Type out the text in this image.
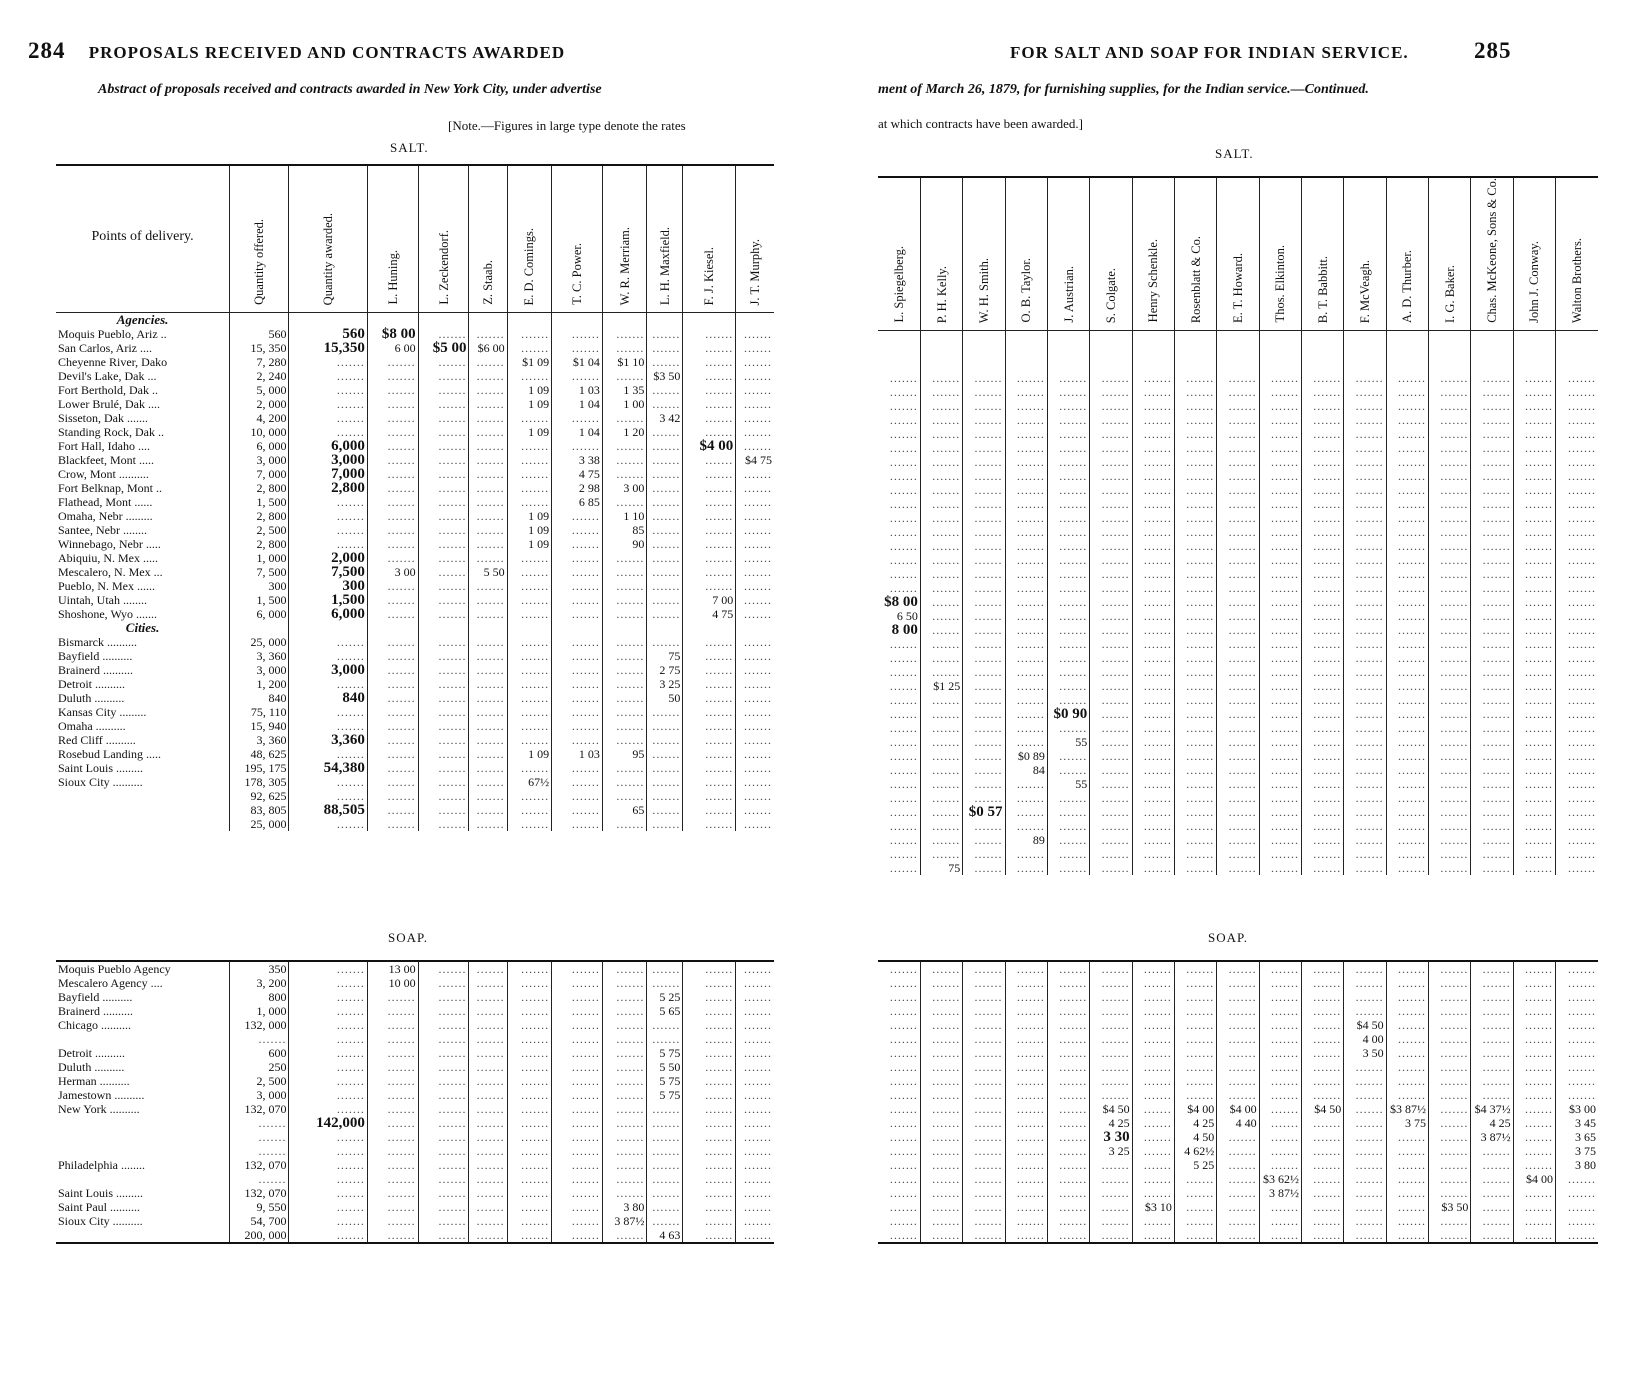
284 PROPOSALS RECEIVED AND CONTRACTS AWARDED
Abstract of proposals received and contracts awarded in New York City, under advertise
[Note.—Figures in large type denote the rates
SALT.
Points of delivery.	Quantity offered.	Quantity awarded.	L. Huning.	L. Zeckendorf.	Z. Staab.	E. D. Comings.	T. C. Power.	W. R. Merriam.	L. H. Maxfield.	F. J. Kiesel.	J. T. Murphy.
Agencies.											
Moquis Pueblo, Ariz ..	560	560	$8 00	.......	.......	.......	.......	.......	.......	.......	.......
San Carlos, Ariz ....	15, 350	15,350	6 00	$5 00	$6 00	.......	.......	.......	.......	.......	.......
Cheyenne River, Dako	7, 280	.......	.......	.......	.......	$1 09	$1 04	$1 10	.......	.......	.......
Devil's Lake, Dak ...	2, 240	.......	.......	.......	.......	.......	.......	.......	$3 50	.......	.......
Fort Berthold, Dak ..	5, 000	.......	.......	.......	.......	1 09	1 03	1 35	.......	.......	.......
Lower Brulé, Dak ....	2, 000	.......	.......	.......	.......	1 09	1 04	1 00	.......	.......	.......
Sisseton, Dak .......	4, 200	.......	.......	.......	.......	.......	.......	.......	3 42	.......	.......
Standing Rock, Dak ..	10, 000	.......	.......	.......	.......	1 09	1 04	1 20	.......	.......	.......
Fort Hall, Idaho ....	6, 000	6,000	.......	.......	.......	.......	.......	.......	.......	$4 00	.......
Blackfeet, Mont .....	3, 000	3,000	.......	.......	.......	.......	3 38	.......	.......	.......	$4 75
Crow, Mont ..........	7, 000	7,000	.......	.......	.......	.......	4 75	.......	.......	.......	.......
Fort Belknap, Mont ..	2, 800	2,800	.......	.......	.......	.......	2 98	3 00	.......	.......	.......
Flathead, Mont ......	1, 500	.......	.......	.......	.......	.......	6 85	.......	.......	.......	.......
Omaha, Nebr .........	2, 800	.......	.......	.......	.......	1 09	.......	1 10	.......	.......	.......
Santee, Nebr ........	2, 500	.......	.......	.......	.......	1 09	.......	85	.......	.......	.......
Winnebago, Nebr .....	2, 800	.......	.......	.......	.......	1 09	.......	90	.......	.......	.......
Abiquiu, N. Mex .....	1, 000	2,000	.......	.......	.......	.......	.......	.......	.......	.......	.......
Mescalero, N. Mex ...	7, 500	7,500	3 00	.......	5 50	.......	.......	.......	.......	.......	.......
Pueblo, N. Mex ......	300	300	.......	.......	.......	.......	.......	.......	.......	.......	.......
Uintah, Utah ........	1, 500	1,500	.......	.......	.......	.......	.......	.......	.......	7 00	.......
Shoshone, Wyo .......	6, 000	6,000	.......	.......	.......	.......	.......	.......	.......	4 75	.......
Cities.											
Bismarck ..........	25, 000	.......	.......	.......	.......	.......	.......	.......	.......	.......	.......
Bayfield ..........	3, 360	.......	.......	.......	.......	.......	.......	.......	75	.......	.......
Brainerd ..........	3, 000	3,000	.......	.......	.......	.......	.......	.......	2 75	.......	.......
Detroit ..........	1, 200	.......	.......	.......	.......	.......	.......	.......	3 25	.......	.......
Duluth ..........	840	840	.......	.......	.......	.......	.......	.......	50	.......	.......
Kansas City .........	75, 110	.......	.......	.......	.......	.......	.......	.......	.......	.......	.......
Omaha ..........	15, 940	.......	.......	.......	.......	.......	.......	.......	.......	.......	.......
Red Cliff ..........	3, 360	3,360	.......	.......	.......	.......	.......	.......	.......	.......	.......
Rosebud Landing .....	48, 625	.......	.......	.......	.......	1 09	1 03	95	.......	.......	.......
Saint Louis .........	195, 175	54,380	.......	.......	.......	.......	.......	.......	.......	.......	.......
Sioux City ..........	178, 305	.......	.......	.......	.......	67½	.......	.......	.......	.......	.......
	92, 625	.......	.......	.......	.......	.......	.......	.......	.......	.......	.......
	83, 805	88,505	.......	.......	.......	.......	.......	65	.......	.......	.......
	25, 000	.......	.......	.......	.......	.......	.......	.......	.......	.......	.......
SOAP.
Moquis Pueblo Agency	350	.......	13 00	.......	.......	.......	.......	.......	.......	.......	.......
Mescalero Agency ....	3, 200	.......	10 00	.......	.......	.......	.......	.......	.......	.......	.......
Bayfield ..........	800	.......	.......	.......	.......	.......	.......	.......	5 25	.......	.......
Brainerd ..........	1, 000	.......	.......	.......	.......	.......	.......	.......	5 65	.......	.......
Chicago ..........	132, 000	.......	.......	.......	.......	.......	.......	.......	.......	.......	.......
	.......	.......	.......	.......	.......	.......	.......	.......	.......	.......	.......
Detroit ..........	600	.......	.......	.......	.......	.......	.......	.......	5 75	.......	.......
Duluth ..........	250	.......	.......	.......	.......	.......	.......	.......	5 50	.......	.......
Herman ..........	2, 500	.......	.......	.......	.......	.......	.......	.......	5 75	.......	.......
Jamestown ..........	3, 000	.......	.......	.......	.......	.......	.......	.......	5 75	.......	.......
New York ..........	132, 070	.......	.......	.......	.......	.......	.......	.......	.......	.......	.......
	.......	142,000	.......	.......	.......	.......	.......	.......	.......	.......	.......
	.......	.......	.......	.......	.......	.......	.......	.......	.......	.......	.......
	.......	.......	.......	.......	.......	.......	.......	.......	.......	.......	.......
Philadelphia ........	132, 070	.......	.......	.......	.......	.......	.......	.......	.......	.......	.......
	.......	.......	.......	.......	.......	.......	.......	.......	.......	.......	.......
Saint Louis .........	132, 070	.......	.......	.......	.......	.......	.......	.......	.......	.......	.......
Saint Paul ..........	9, 550	.......	.......	.......	.......	.......	.......	3 80	.......	.......	.......
Sioux City ..........	54, 700	.......	.......	.......	.......	.......	.......	3 87½	.......	.......	.......
	200, 000	.......	.......	.......	.......	.......	.......	.......	4 63	.......	.......
FOR SALT AND SOAP FOR INDIAN SERVICE.	285
ment of March 26, 1879, for furnishing supplies, for the Indian service.—Continued.
at which contracts have been awarded.]
SALT.
L. Spiegelberg.	P. H. Kelly.	W. H. Smith.	O. B. Taylor.	J. Austrian.	S. Colgate.	Henry Schenkle.	Rosenblatt & Co.	E. T. Howard.	Thos. Elkinton.	B. T. Babbitt.	F. McVeagh.	A. D. Thurber.	I. G. Baker.	Chas. McKeone, Sons & Co.	John J. Conway.	Walton Brothers.

.......	.......	.......	.......	.......	.......	.......	.......	.......	.......	.......	.......	.......	.......	.......	.......	.......
.......	.......	.......	.......	.......	.......	.......	.......	.......	.......	.......	.......	.......	.......	.......	.......	.......
.......	.......	.......	.......	.......	.......	.......	.......	.......	.......	.......	.......	.......	.......	.......	.......	.......
.......	.......	.......	.......	.......	.......	.......	.......	.......	.......	.......	.......	.......	.......	.......	.......	.......
.......	.......	.......	.......	.......	.......	.......	.......	.......	.......	.......	.......	.......	.......	.......	.......	.......
.......	.......	.......	.......	.......	.......	.......	.......	.......	.......	.......	.......	.......	.......	.......	.......	.......
.......	.......	.......	.......	.......	.......	.......	.......	.......	.......	.......	.......	.......	.......	.......	.......	.......
.......	.......	.......	.......	.......	.......	.......	.......	.......	.......	.......	.......	.......	.......	.......	.......	.......
.......	.......	.......	.......	.......	.......	.......	.......	.......	.......	.......	.......	.......	.......	.......	.......	.......
.......	.......	.......	.......	.......	.......	.......	.......	.......	.......	.......	.......	.......	.......	.......	.......	.......
.......	.......	.......	.......	.......	.......	.......	.......	.......	.......	.......	.......	.......	.......	.......	.......	.......
.......	.......	.......	.......	.......	.......	.......	.......	.......	.......	.......	.......	.......	.......	.......	.......	.......
.......	.......	.......	.......	.......	.......	.......	.......	.......	.......	.......	.......	.......	.......	.......	.......	.......
.......	.......	.......	.......	.......	.......	.......	.......	.......	.......	.......	.......	.......	.......	.......	.......	.......
.......	.......	.......	.......	.......	.......	.......	.......	.......	.......	.......	.......	.......	.......	.......	.......	.......
.......	.......	.......	.......	.......	.......	.......	.......	.......	.......	.......	.......	.......	.......	.......	.......	.......
$8 00	.......	.......	.......	.......	.......	.......	.......	.......	.......	.......	.......	.......	.......	.......	.......	.......
6 50	.......	.......	.......	.......	.......	.......	.......	.......	.......	.......	.......	.......	.......	.......	.......	.......
8 00	.......	.......	.......	.......	.......	.......	.......	.......	.......	.......	.......	.......	.......	.......	.......	.......
.......	.......	.......	.......	.......	.......	.......	.......	.......	.......	.......	.......	.......	.......	.......	.......	.......
.......	.......	.......	.......	.......	.......	.......	.......	.......	.......	.......	.......	.......	.......	.......	.......	.......
.......	.......	.......	.......	.......	.......	.......	.......	.......	.......	.......	.......	.......	.......	.......	.......	.......
.......	$1 25	.......	.......	.......	.......	.......	.......	.......	.......	.......	.......	.......	.......	.......	.......	.......
.......	.......	.......	.......	.......	.......	.......	.......	.......	.......	.......	.......	.......	.......	.......	.......	.......
.......	.......	.......	.......	$0 90	.......	.......	.......	.......	.......	.......	.......	.......	.......	.......	.......	.......
.......	.......	.......	.......	.......	.......	.......	.......	.......	.......	.......	.......	.......	.......	.......	.......	.......
.......	.......	.......	.......	55	.......	.......	.......	.......	.......	.......	.......	.......	.......	.......	.......	.......
.......	.......	.......	$0 89	.......	.......	.......	.......	.......	.......	.......	.......	.......	.......	.......	.......	.......
.......	.......	.......	84	.......	.......	.......	.......	.......	.......	.......	.......	.......	.......	.......	.......	.......
.......	.......	.......	.......	55	.......	.......	.......	.......	.......	.......	.......	.......	.......	.......	.......	.......
.......	.......	.......	.......	.......	.......	.......	.......	.......	.......	.......	.......	.......	.......	.......	.......	.......
.......	.......	$0 57	.......	.......	.......	.......	.......	.......	.......	.......	.......	.......	.......	.......	.......	.......
.......	.......	.......	.......	.......	.......	.......	.......	.......	.......	.......	.......	.......	.......	.......	.......	.......
.......	.......	.......	89	.......	.......	.......	.......	.......	.......	.......	.......	.......	.......	.......	.......	.......
.......	.......	.......	.......	.......	.......	.......	.......	.......	.......	.......	.......	.......	.......	.......	.......	.......
.......	75	.......	.......	.......	.......	.......	.......	.......	.......	.......	.......	.......	.......	.......	.......	.......
SOAP.
.......	.......	.......	.......	.......	.......	.......	.......	.......	.......	.......	.......	.......	.......	.......	.......	.......
.......	.......	.......	.......	.......	.......	.......	.......	.......	.......	.......	.......	.......	.......	.......	.......	.......
.......	.......	.......	.......	.......	.......	.......	.......	.......	.......	.......	.......	.......	.......	.......	.......	.......
.......	.......	.......	.......	.......	.......	.......	.......	.......	.......	.......	.......	.......	.......	.......	.......	.......
.......	.......	.......	.......	.......	.......	.......	.......	.......	.......	.......	$4 50	.......	.......	.......	.......	.......
.......	.......	.......	.......	.......	.......	.......	.......	.......	.......	.......	4 00	.......	.......	.......	.......	.......
.......	.......	.......	.......	.......	.......	.......	.......	.......	.......	.......	3 50	.......	.......	.......	.......	.......
.......	.......	.......	.......	.......	.......	.......	.......	.......	.......	.......	.......	.......	.......	.......	.......	.......
.......	.......	.......	.......	.......	.......	.......	.......	.......	.......	.......	.......	.......	.......	.......	.......	.......
.......	.......	.......	.......	.......	.......	.......	.......	.......	.......	.......	.......	.......	.......	.......	.......	.......
.......	.......	.......	.......	.......	$4 50	.......	$4 00	$4 00	.......	$4 50	.......	$3 87½	.......	$4 37½	.......	$3 00
.......	.......	.......	.......	.......	4 25	.......	4 25	4 40	.......	.......	.......	3 75	.......	4 25	.......	3 45
.......	.......	.......	.......	.......	3 30	.......	4 50	.......	.......	.......	.......	.......	.......	3 87½	.......	3 65
.......	.......	.......	.......	.......	3 25	.......	4 62½	.......	.......	.......	.......	.......	.......	.......	.......	3 75
.......	.......	.......	.......	.......	.......	.......	5 25	.......	.......	.......	.......	.......	.......	.......	.......	3 80
.......	.......	.......	.......	.......	.......	.......	.......	.......	$3 62½	.......	.......	.......	.......	.......	$4 00	.......
.......	.......	.......	.......	.......	.......	.......	.......	.......	3 87½	.......	.......	.......	.......	.......	.......	.......
.......	.......	.......	.......	.......	.......	$3 10	.......	.......	.......	.......	.......	.......	$3 50	.......	.......	.......
.......	.......	.......	.......	.......	.......	.......	.......	.......	.......	.......	.......	.......	.......	.......	.......	.......
.......	.......	.......	.......	.......	.......	.......	.......	.......	.......	.......	.......	.......	.......	.......	.......	.......
